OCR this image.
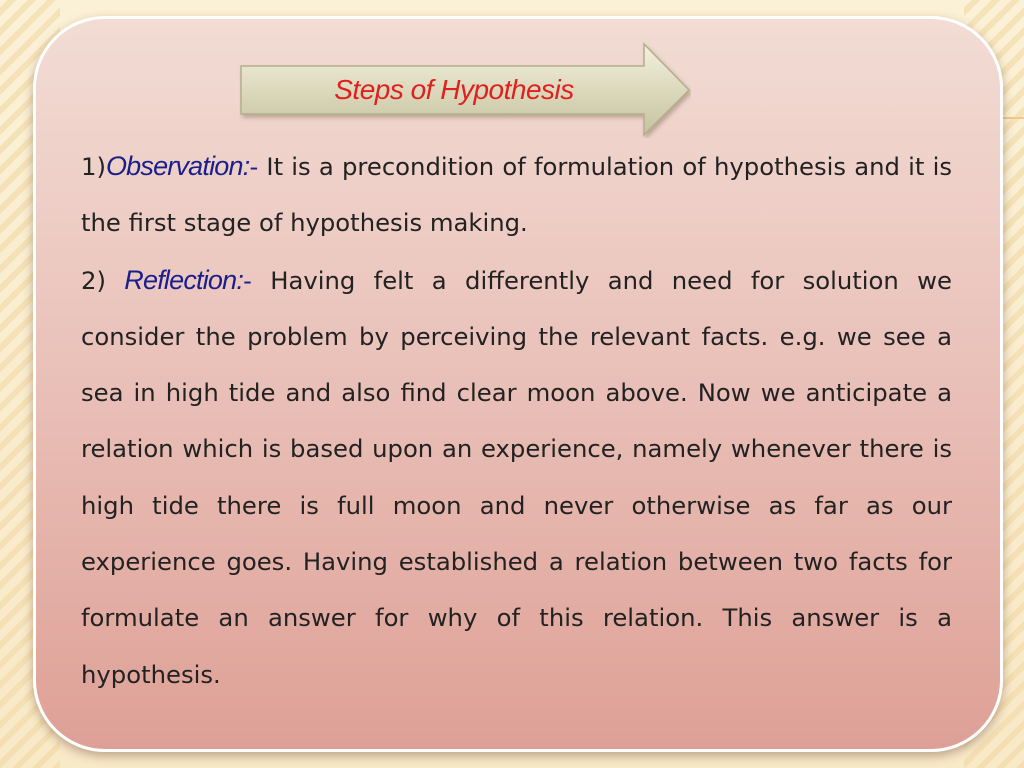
Steps of Hypothesis

1)Observation:- It is a precondition of formulation of hypothesis and it is the first stage of hypothesis making.

2) Reflection:- Having felt a differently and need for solution we consider the problem by perceiving the relevant facts. e.g. we see a sea in high tide and also find clear moon above. Now we anticipate a relation which is based upon an experience, namely whenever there is high tide there is full moon and never otherwise as far as our experience goes. Having established a relation between two facts for formulate an answer for why of this relation. This answer is a hypothesis.
